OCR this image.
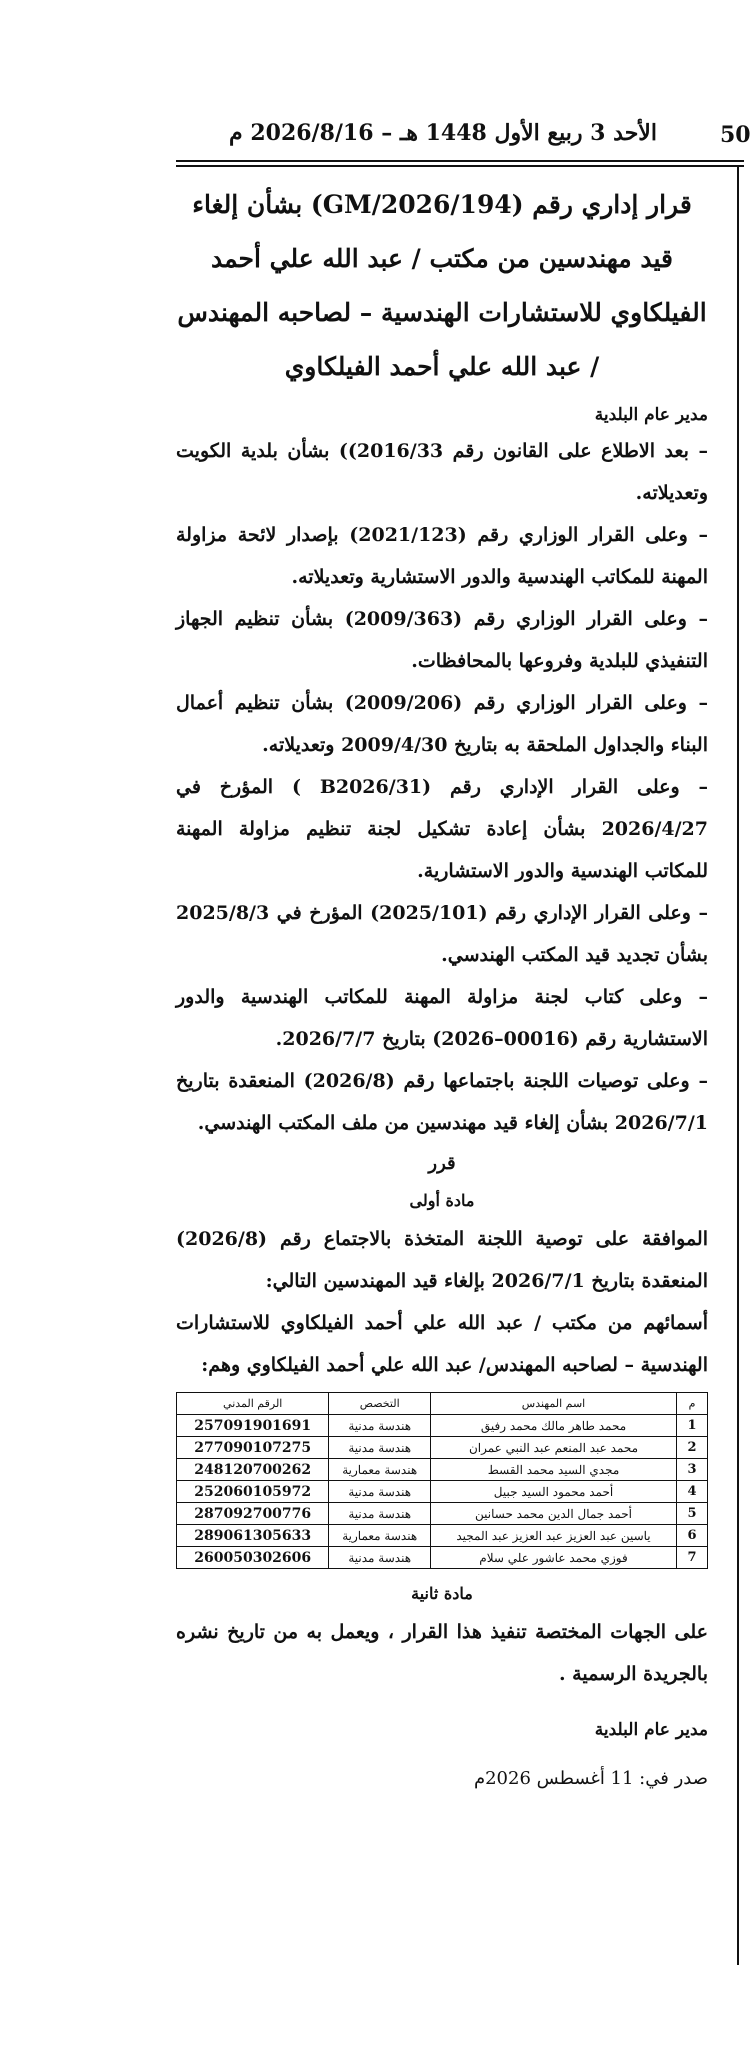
50
الأحد 3 ربيع الأول 1448 هـ – 2026/8/16 م
قرار إداري رقم (GM/2026/194) بشأن إلغاء قيد مهندسين من مكتب / عبد الله علي أحمد الفيلكاوي للاستشارات الهندسية – لصاحبه المهندس / عبد الله علي أحمد الفيلكاوي
مدير عام البلدية

– بعد الاطلاع على القانون رقم 2016/33)) بشأن بلدية الكويت وتعديلاته.

– وعلى القرار الوزاري رقم (2021/123) بإصدار لائحة مزاولة المهنة للمكاتب الهندسية والدور الاستشارية وتعديلاته.

– وعلى القرار الوزاري رقم (2009/363) بشأن تنظيم الجهاز التنفيذي للبلدية وفروعها بالمحافظات.

– وعلى القرار الوزاري رقم (2009/206) بشأن تنظيم أعمال البناء والجداول الملحقة به بتاريخ 2009/4/30 وتعديلاته.

– وعلى القرار الإداري رقم (B2026/31 ) المؤرخ في 2026/4/27 بشأن إعادة تشكيل لجنة تنظيم مزاولة المهنة للمكاتب الهندسية والدور الاستشارية.

– وعلى القرار الإداري رقم (2025/101) المؤرخ في 2025/8/3 بشأن تجديد قيد المكتب الهندسي.

– وعلى كتاب لجنة مزاولة المهنة للمكاتب الهندسية والدور الاستشارية رقم (00016–2026) بتاريخ 2026/7/7.

– وعلى توصيات اللجنة باجتماعها رقم (2026/8) المنعقدة بتاريخ 2026/7/1 بشأن إلغاء قيد مهندسين من ملف المكتب الهندسي.

قرر
مادة أولى

الموافقة على توصية اللجنة المتخذة بالاجتماع رقم (2026/8) المنعقدة بتاريخ 2026/7/1 بإلغاء قيد المهندسين التالي:

أسمائهم من مكتب / عبد الله علي أحمد الفيلكاوي للاستشارات الهندسية – لصاحبه المهندس/ عبد الله علي أحمد الفيلكاوي وهم:

م	اسم المهندس	التخصص	الرقم المدني
1	محمد طاهر مالك محمد رفيق	هندسة مدنية	257091901691
2	محمد عبد المنعم عبد النبي عمران	هندسة مدنية	277090107275
3	مجدي السيد محمد القسط	هندسة معمارية	248120700262
4	أحمد محمود السيد جبيل	هندسة مدنية	252060105972
5	أحمد جمال الدين محمد حسانين	هندسة مدنية	287092700776
6	ياسين عبد العزيز عبد العزيز عبد المجيد	هندسة معمارية	289061305633
7	فوزي محمد عاشور علي سلام	هندسة مدنية	260050302606
مادة ثانية

على الجهات المختصة تنفيذ هذا القرار ، ويعمل به من تاريخ نشره بالجريدة الرسمية .

مدير عام البلدية
صدر في: 11 أغسطس 2026م
